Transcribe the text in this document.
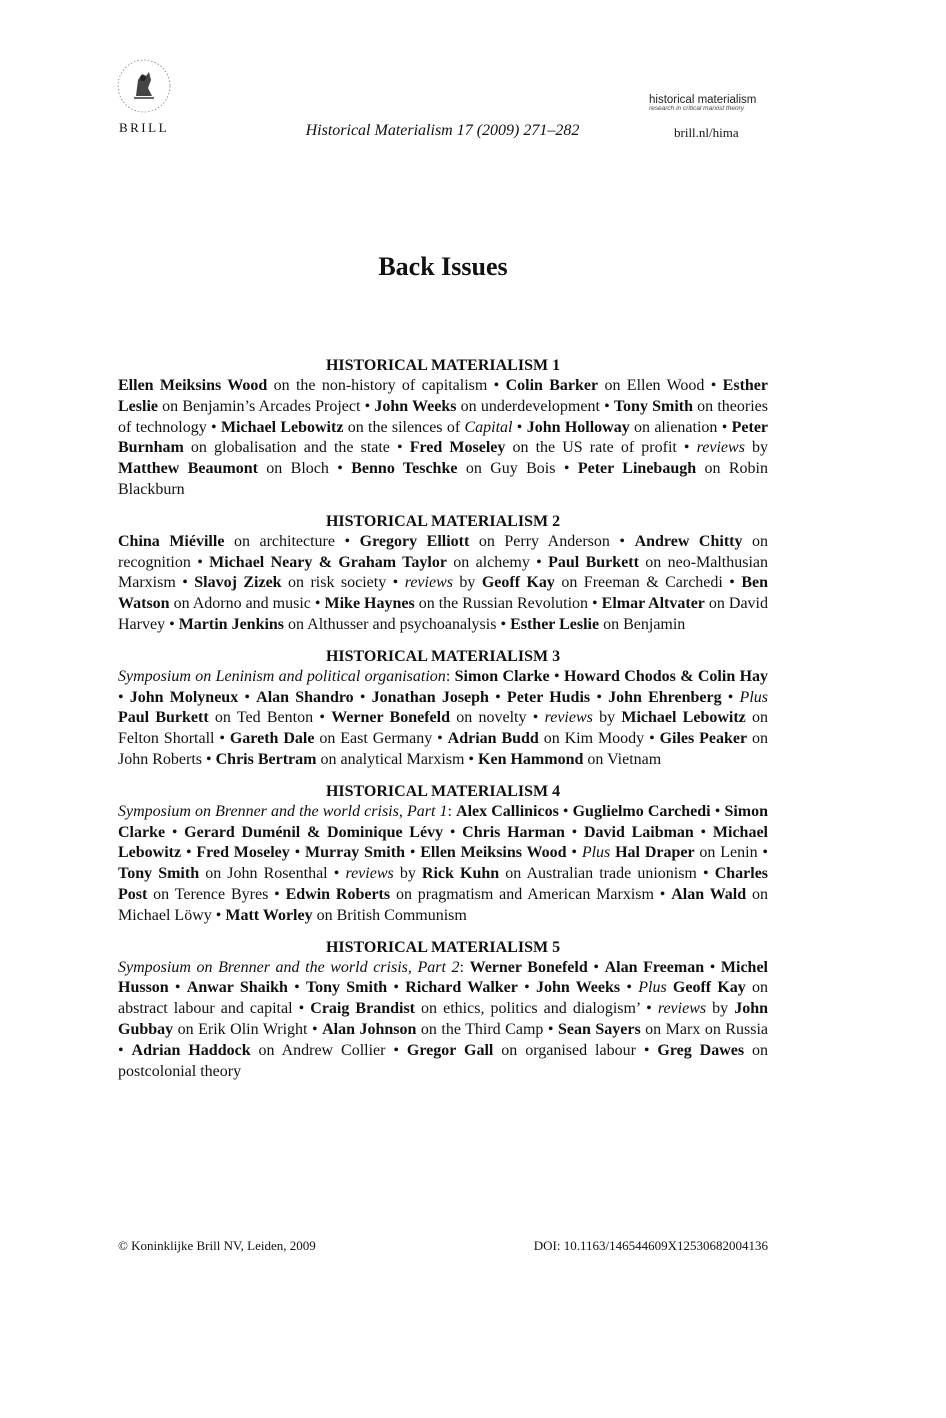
BRILL	Historical Materialism 17 (2009) 271–282
historical materialism
research in critical marxist theory
brill.nl/hima
Back Issues
HISTORICAL MATERIALISM 1

Ellen Meiksins Wood on the non-history of capitalism • Colin Barker on Ellen Wood • Esther Leslie on Benjamin’s Arcades Project • John Weeks on underdevelopment • Tony Smith on theories of technology • Michael Lebowitz on the silences of Capital • John Holloway on alienation • Peter Burnham on globalisation and the state • Fred Moseley on the US rate of profit • reviews by Matthew Beaumont on Bloch • Benno Teschke on Guy Bois • Peter Linebaugh on Robin Blackburn

HISTORICAL MATERIALISM 2

China Miéville on architecture • Gregory Elliott on Perry Anderson • Andrew Chitty on recognition • Michael Neary & Graham Taylor on alchemy • Paul Burkett on neo-Malthusian Marxism • Slavoj Zizek on risk society • reviews by Geoff Kay on Freeman & Carchedi • Ben Watson on Adorno and music • Mike Haynes on the Russian Revolution • Elmar Altvater on David Harvey • Martin Jenkins on Althusser and psychoanalysis • Esther Leslie on Benjamin

HISTORICAL MATERIALISM 3

Symposium on Leninism and political organisation: Simon Clarke • Howard Chodos & Colin Hay • John Molyneux • Alan Shandro • Jonathan Joseph • Peter Hudis • John Ehrenberg • Plus Paul Burkett on Ted Benton • Werner Bonefeld on novelty • reviews by Michael Lebowitz on Felton Shortall • Gareth Dale on East Germany • Adrian Budd on Kim Moody • Giles Peaker on John Roberts • Chris Bertram on analytical Marxism • Ken Hammond on Vietnam

HISTORICAL MATERIALISM 4

Symposium on Brenner and the world crisis, Part 1: Alex Callinicos • Guglielmo Carchedi • Simon Clarke • Gerard Duménil & Dominique Lévy • Chris Harman • David Laibman • Michael Lebowitz • Fred Moseley • Murray Smith • Ellen Meiksins Wood • Plus Hal Draper on Lenin • Tony Smith on John Rosenthal • reviews by Rick Kuhn on Australian trade unionism • Charles Post on Terence Byres • Edwin Roberts on pragmatism and American Marxism • Alan Wald on Michael Löwy • Matt Worley on British Communism

HISTORICAL MATERIALISM 5

Symposium on Brenner and the world crisis, Part 2: Werner Bonefeld • Alan Freeman • Michel Husson • Anwar Shaikh • Tony Smith • Richard Walker • John Weeks • Plus Geoff Kay on abstract labour and capital • Craig Brandist on ethics, politics and dialogism’ • reviews by John Gubbay on Erik Olin Wright • Alan Johnson on the Third Camp • Sean Sayers on Marx on Russia • Adrian Haddock on Andrew Collier • Gregor Gall on organised labour • Greg Dawes on postcolonial theory

© Koninklijke Brill NV, Leiden, 2009	DOI: 10.1163/146544609X12530682004136
